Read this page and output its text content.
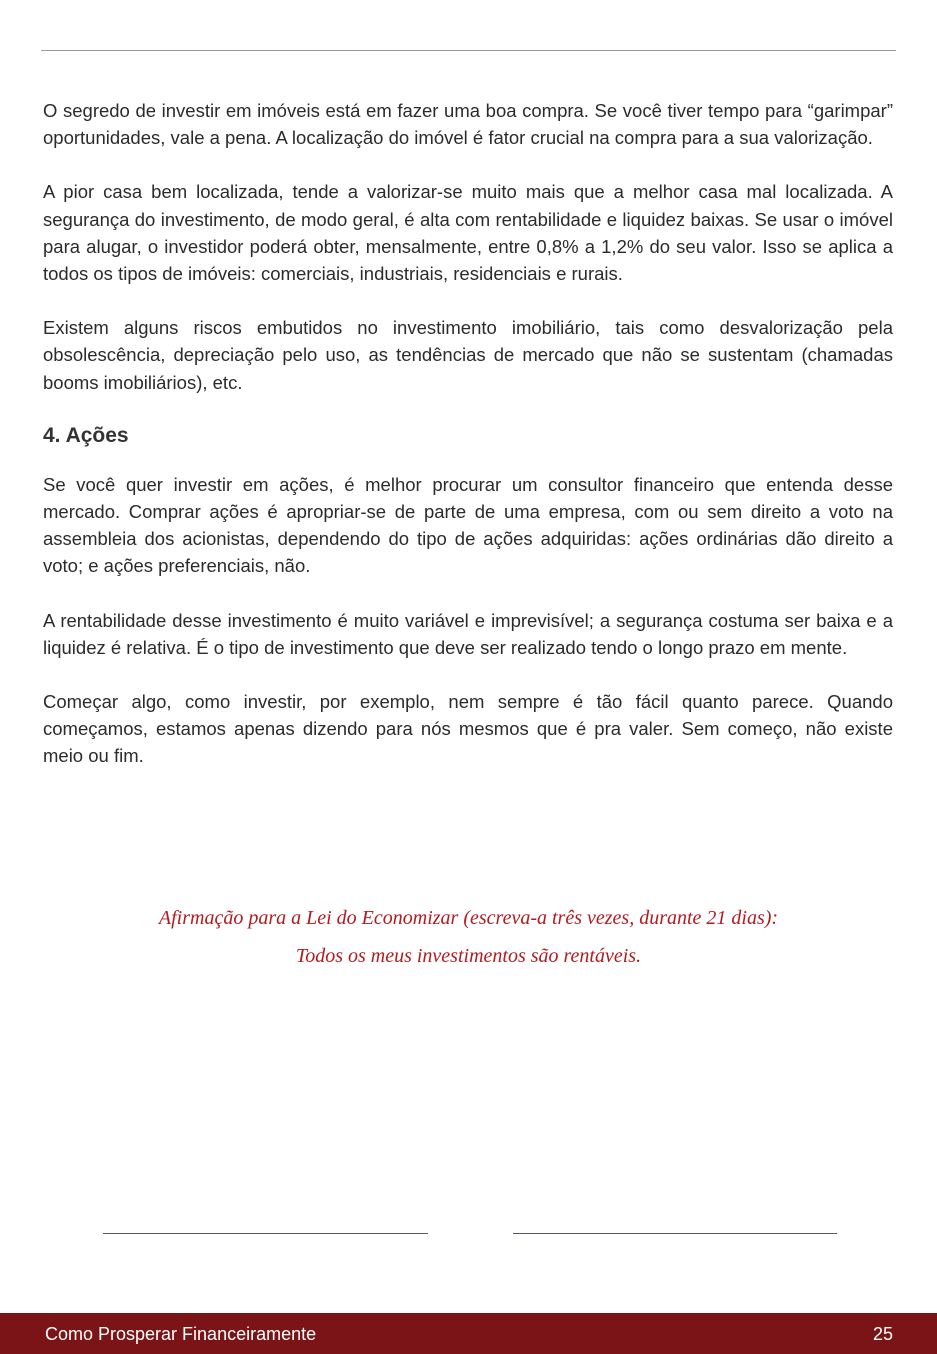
O segredo de investir em imóveis está em fazer uma boa compra. Se você tiver tempo para “garimpar” oportunidades, vale a pena. A localização do imóvel é fator crucial na compra para a sua valorização.

A pior casa bem localizada, tende a valorizar-se muito mais que a melhor casa mal localizada. A segurança do investimento, de modo geral, é alta com rentabilidade e liquidez baixas. Se usar o imóvel para alugar, o investidor poderá obter, mensalmente, entre 0,8% a 1,2% do seu valor. Isso se aplica a todos os tipos de imóveis: comerciais, industriais, residenciais e rurais.

Existem alguns riscos embutidos no investimento imobiliário, tais como desvalorização pela obsolescência, depreciação pelo uso, as tendências de mercado que não se sustentam (chamadas booms imobiliários), etc.

4. Ações

Se você quer investir em ações, é melhor procurar um consultor financeiro que entenda desse mercado. Comprar ações é apropriar-se de parte de uma empresa, com ou sem direito a voto na assembleia dos acionistas, dependendo do tipo de ações adquiridas: ações ordinárias dão direito a voto; e ações preferenciais, não.

A rentabilidade desse investimento é muito variável e imprevisível; a segurança costuma ser baixa e a liquidez é relativa. É o tipo de investimento que deve ser realizado tendo o longo prazo em mente.

Começar algo, como investir, por exemplo, nem sempre é tão fácil quanto parece. Quando começamos, estamos apenas dizendo para nós mesmos que é pra valer. Sem começo, não existe meio ou fim.

Afirmação para a Lei do Economizar (escreva-a três vezes, durante 21 dias):
Todos os meus investimentos são rentáveis.
Como Prosperar Financeiramente	25
